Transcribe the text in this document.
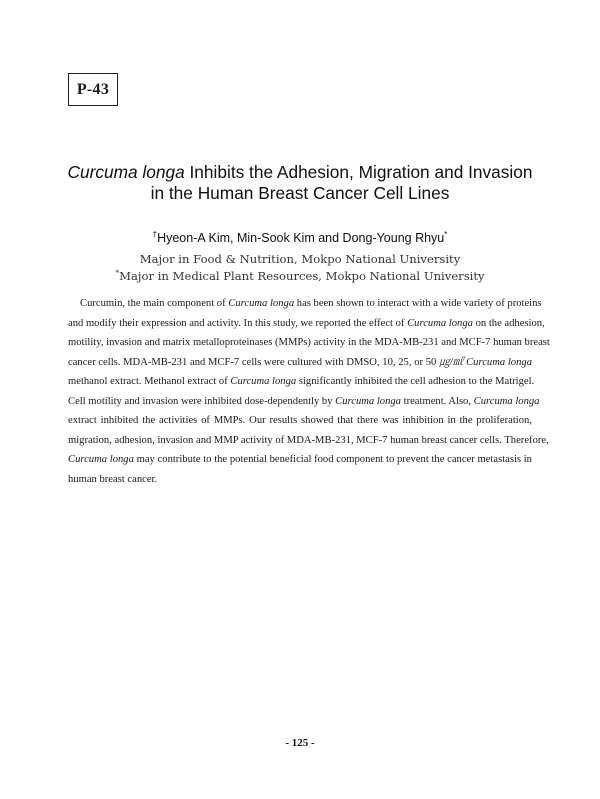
P-43
Curcuma longa Inhibits the Adhesion, Migration and Invasion
in the Human Breast Cancer Cell Lines
†Hyeon-A Kim, Min-Sook Kim and Dong-Young Rhyu*
Major in Food & Nutrition, Mokpo National University
*Major in Medical Plant Resources, Mokpo National University
Curcumin, the main component of Curcuma longa has been shown to interact with a wide variety of proteins
and modify their expression and activity. In this study, we reported the effect of Curcuma longa on the adhesion,
motility, invasion and matrix metalloproteinases (MMPs) activity in the MDA-MB-231 and MCF-7 human breast
cancer cells. MDA-MB-231 and MCF-7 cells were cultured with DMSO, 10, 25, or 50 ㎍/㎖ Curcuma longa
methanol extract. Methanol extract of Curcuma longa significantly inhibited the cell adhesion to the Matrigel.
Cell motility and invasion were inhibited dose-dependently by Curcuma longa treatment. Also, Curcuma longa
extract inhibited the activities of MMPs. Our results showed that there was inhibition in the proliferation,
migration, adhesion, invasion and MMP activity of MDA-MB-231, MCF-7 human breast cancer cells. Therefore,
Curcuma longa may contribute to the potential beneficial food component to prevent the cancer metastasis in
human breast cancer.
- 125 -
